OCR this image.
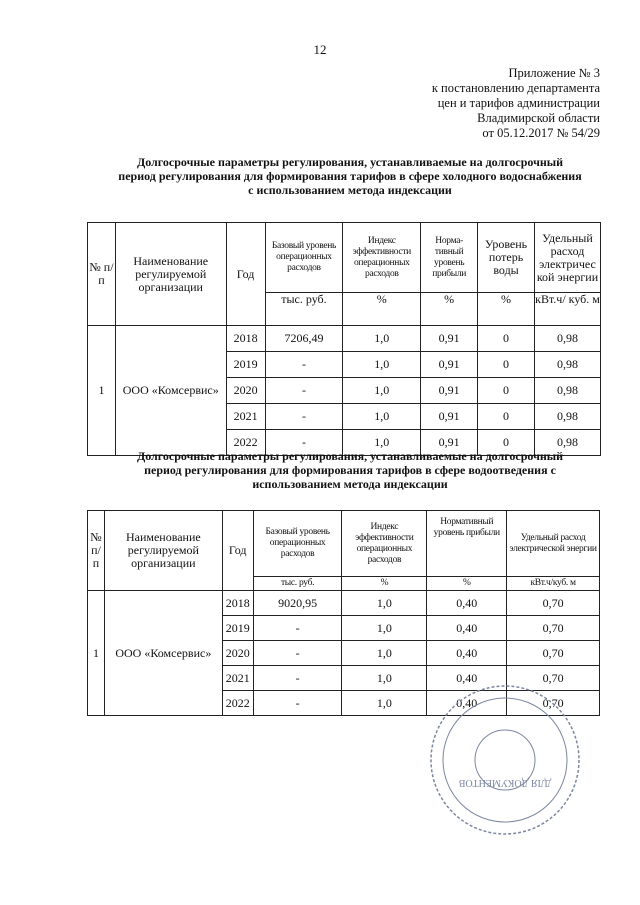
12
Приложение № 3
к постановлению департамента
цен и тарифов администрации
Владимирской области
от 05.12.2017 № 54/29
Долгосрочные параметры регулирования, устанавливаемые на долгосрочный
период регулирования для формирования тарифов в сфере холодного водоснабжения
с использованием метода индексации
№ п/ п	Наименование регулируемой организации	Год	Базовый уровень операционных расходов	Индекс эффективности операционных расходов	Норма-тивный уровень прибыли	Уровень потерь воды	Удельный расход электричес кой энергии
			тыс. руб.	%	%	%	кВт.ч/ куб. м
1	ООО «Комсервис»	2018	7206,49	1,0	0,91	0	0,98
		2019	-	1,0	0,91	0	0,98
		2020	-	1,0	0,91	0	0,98
		2021	-	1,0	0,91	0	0,98
		2022	-	1,0	0,91	0	0,98
Долгосрочные параметры регулирования, устанавливаемые на долгосрочный
период регулирования для формирования тарифов в сфере водоотведения с
использованием метода индексации
№ п/ п	Наименование регулируемой организации	Год	Базовый уровень операционных расходов	Индекс эффективности операционных расходов	Нормативный уровень прибыли	Удельный расход электрической энергии
			тыс. руб.	%	%	кВт.ч/куб. м
1	ООО «Комсервис»	2018	9020,95	1,0	0,40	0,70
		2019	-	1,0	0,40	0,70
		2020	-	1,0	0,40	0,70
		2021	-	1,0	0,40	0,70
		2022	-	1,0	0,40	0,70
ДЛЯ ДОКУМЕНТОВ
